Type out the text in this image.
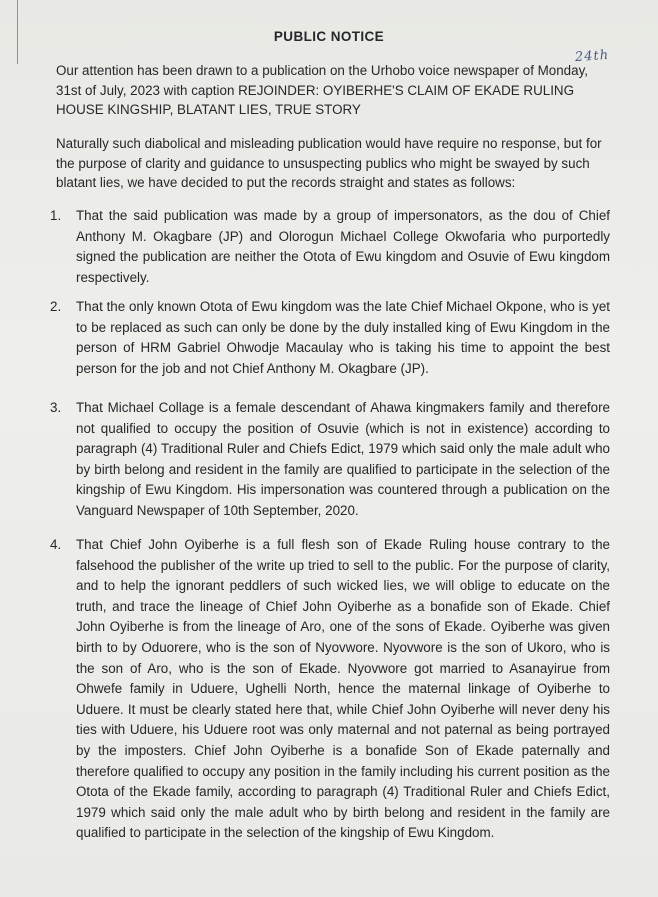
PUBLIC NOTICE
24th

Our attention has been drawn to a publication on the Urhobo voice newspaper of Monday, 31st of July, 2023 with caption REJOINDER: OYIBERHE'S CLAIM OF EKADE RULING HOUSE KINGSHIP, BLATANT LIES, TRUE STORY

Naturally such diabolical and misleading publication would have require no response, but for the purpose of clarity and guidance to unsuspecting publics who might be swayed by such blatant lies, we have decided to put the records straight and states as follows:

1. That the said publication was made by a group of impersonators, as the dou of Chief Anthony M. Okagbare (JP) and Olorogun Michael College Okwofaria who purportedly signed the publication are neither the Otota of Ewu kingdom and Osuvie of Ewu kingdom respectively.

2. That the only known Otota of Ewu kingdom was the late Chief Michael Okpone, who is yet to be replaced as such can only be done by the duly installed king of Ewu Kingdom in the person of HRM Gabriel Ohwodje Macaulay who is taking his time to appoint the best person for the job and not Chief Anthony M. Okagbare (JP).

3. That Michael Collage is a female descendant of Ahawa kingmakers family and therefore not qualified to occupy the position of Osuvie (which is not in existence) according to paragraph (4) Traditional Ruler and Chiefs Edict, 1979 which said only the male adult who by birth belong and resident in the family are qualified to participate in the selection of the kingship of Ewu Kingdom. His impersonation was countered through a publication on the Vanguard Newspaper of 10th September, 2020.

4. That Chief John Oyiberhe is a full flesh son of Ekade Ruling house contrary to the falsehood the publisher of the write up tried to sell to the public. For the purpose of clarity, and to help the ignorant peddlers of such wicked lies, we will oblige to educate on the truth, and trace the lineage of Chief John Oyiberhe as a bonafide son of Ekade. Chief John Oyiberhe is from the lineage of Aro, one of the sons of Ekade. Oyiberhe was given birth to by Oduorere, who is the son of Nyovwore. Nyovwore is the son of Ukoro, who is the son of Aro, who is the son of Ekade. Nyovwore got married to Asanayirue from Ohwefe family in Uduere, Ughelli North, hence the maternal linkage of Oyiberhe to Uduere. It must be clearly stated here that, while Chief John Oyiberhe will never deny his ties with Uduere, his Uduere root was only maternal and not paternal as being portrayed by the imposters. Chief John Oyiberhe is a bonafide Son of Ekade paternally and therefore qualified to occupy any position in the family including his current position as the Otota of the Ekade family, according to paragraph (4) Traditional Ruler and Chiefs Edict, 1979 which said only the male adult who by birth belong and resident in the family are qualified to participate in the selection of the kingship of Ewu Kingdom.
